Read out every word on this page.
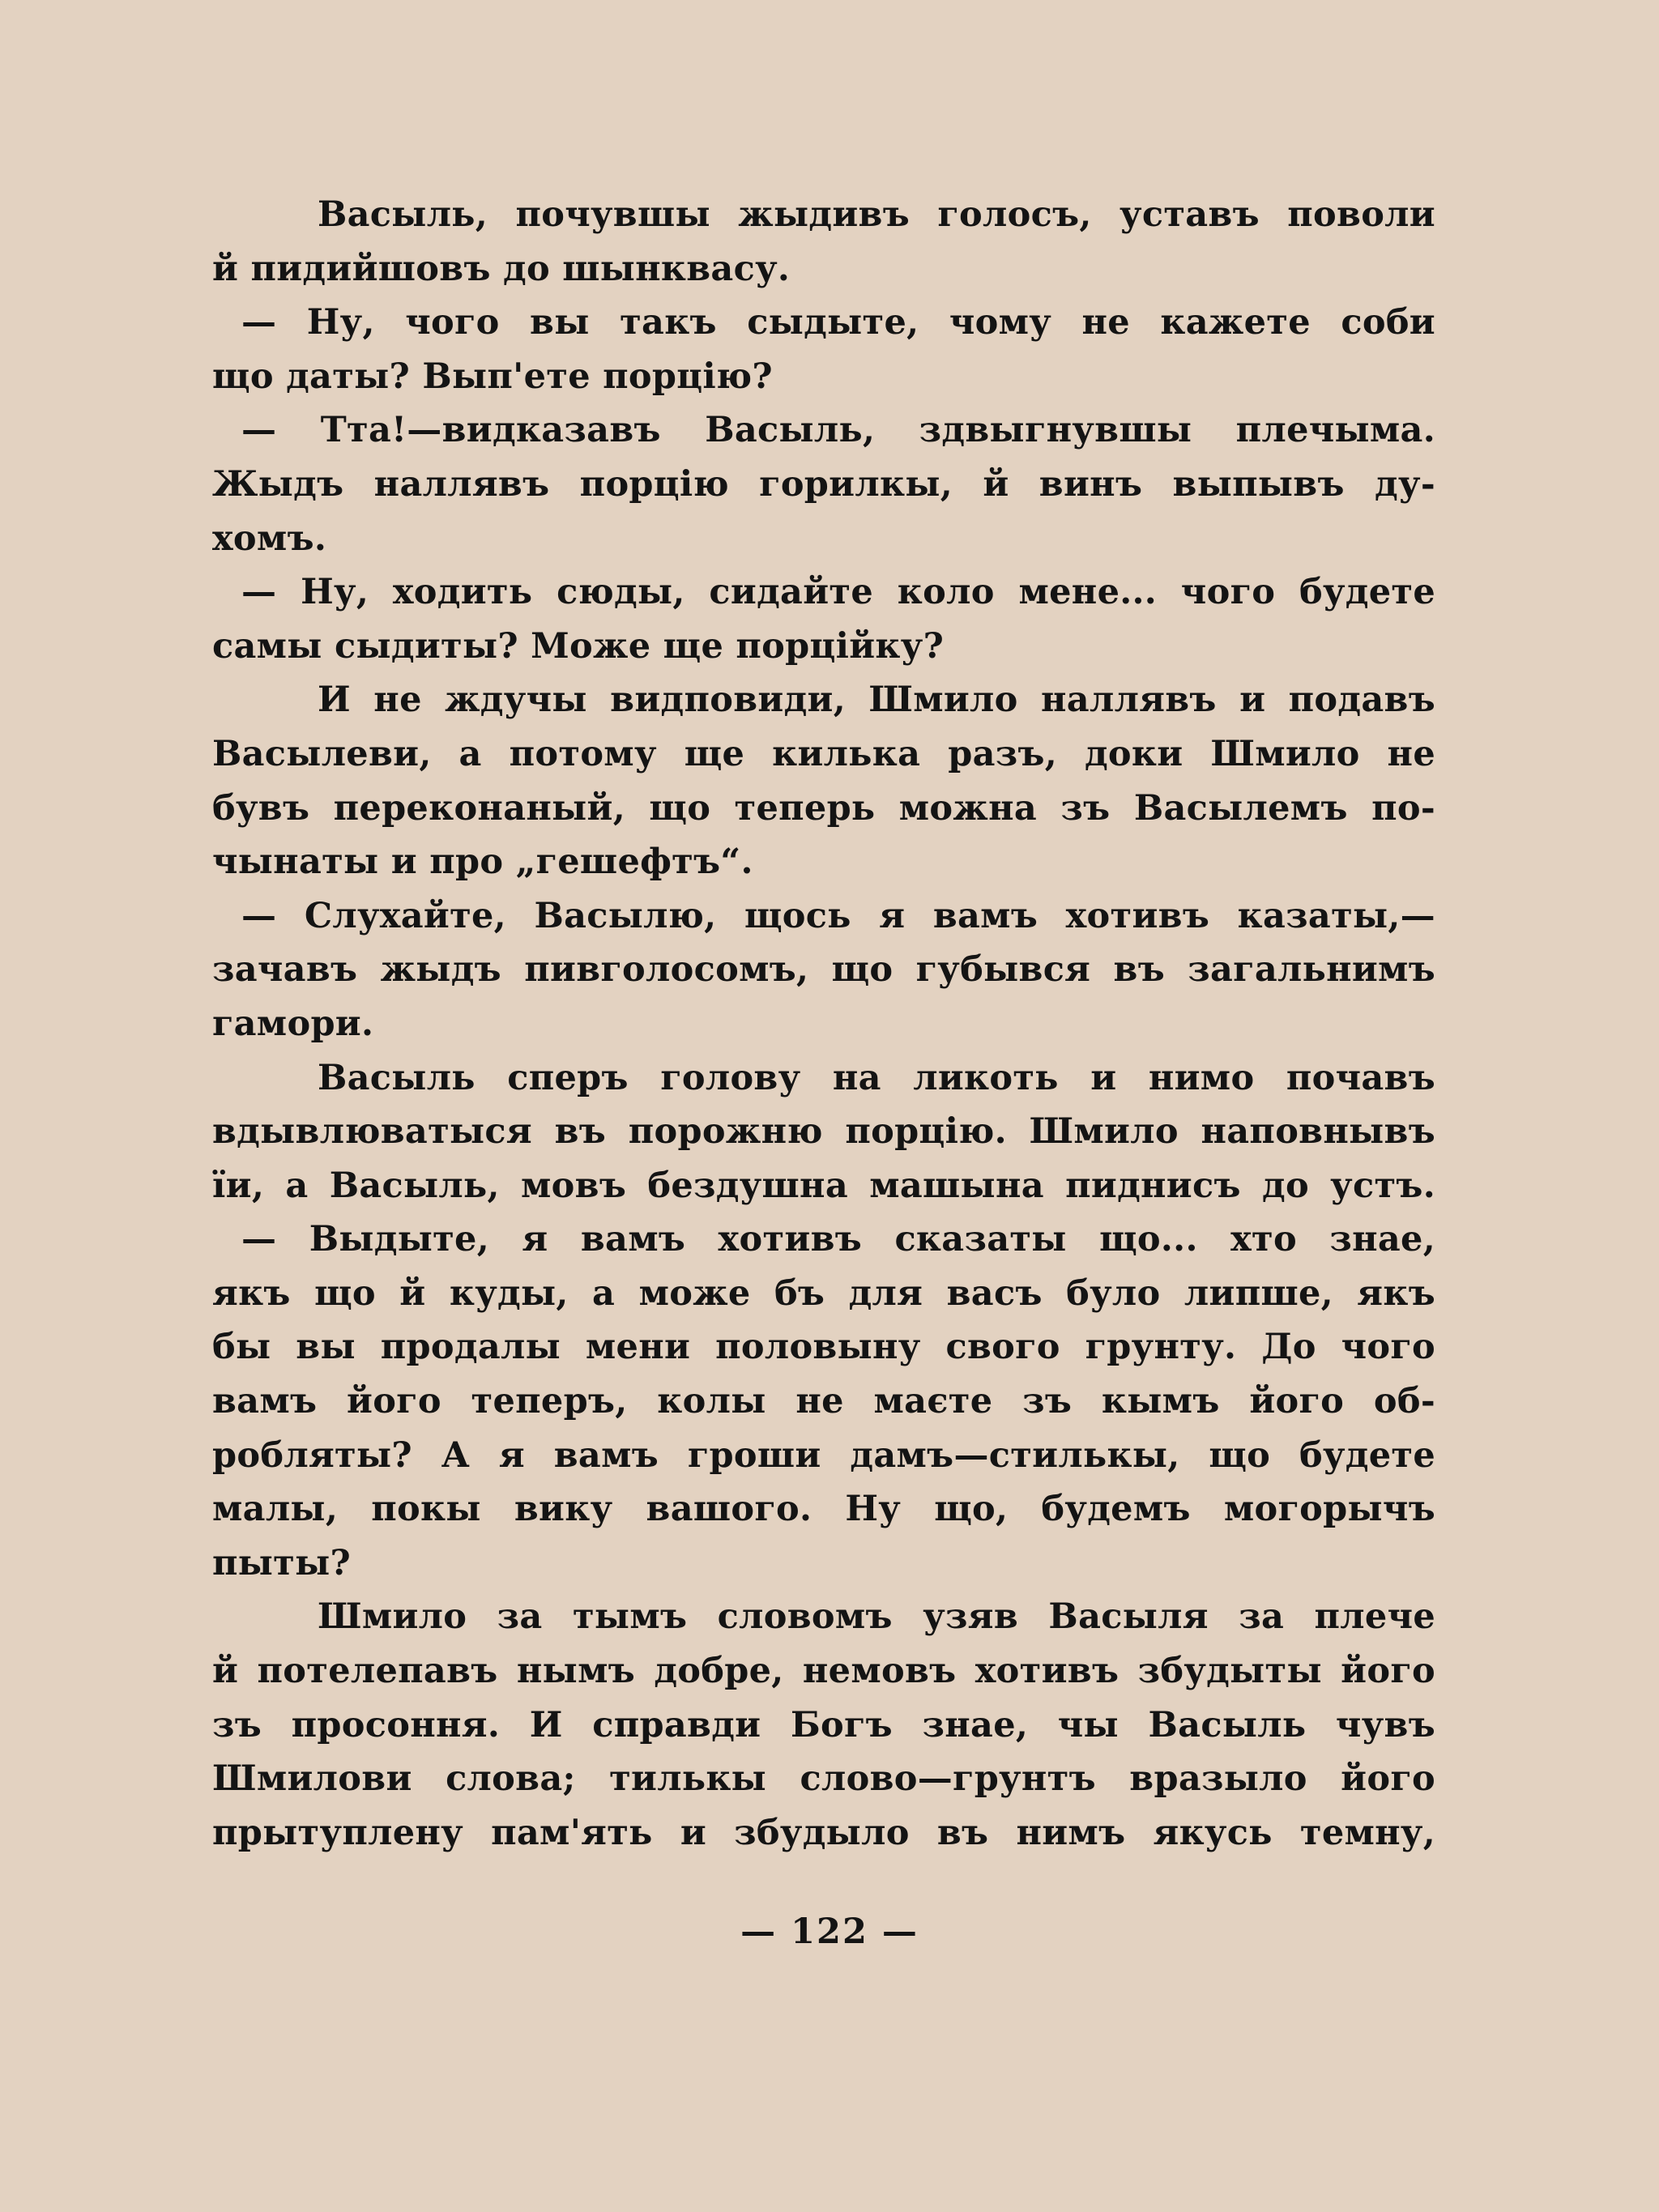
Васыль, почувшы жыдивъ голосъ, уставъ поволи
й пидийшовъ до шынквасу.
— Ну, чого вы такъ сыдыте, чому не кажете соби
що даты? Вып'ете порцію?
— Тта!—видказавъ Васыль, здвыгнувшы плечыма.
Жыдъ наллявъ порцію горилкы, й винъ выпывъ ду-
хомъ.
— Ну, ходить сюды, сидайте коло мене... чого будете
самы сыдиты? Може ще порційку?
И не ждучы видповиди, Шмило наллявъ и подавъ
Васылеви, а потому ще килька разъ, доки Шмило не
бувъ переконаный, що теперь можна зъ Васылемъ по-
чынаты и про „гешефтъ“.
— Слухайте, Васылю, щось я вамъ хотивъ казаты,—
зачавъ жыдъ пивголосомъ, що губывся въ загальнимъ
гамори.
Васыль сперъ голову на ликоть и нимо почавъ
вдывлюватыся въ порожню порцію. Шмило наповнывъ
їи, а Васыль, мовъ бездушна машына пиднисъ до устъ.
— Выдыте, я вамъ хотивъ сказаты що... хто знае,
якъ що й куды, а може бъ для васъ було липше, якъ
бы вы продалы мени половыну свого грунту. До чого
вамъ його теперъ, колы не маєте зъ кымъ його об-
робляты? А я вамъ гроши дамъ—стилькы, що будете
малы, покы вику вашого. Ну що, будемъ могорычъ
пыты?
Шмило за тымъ словомъ узяв Васыля за плече
й потелепавъ нымъ добре, немовъ хотивъ збудыты його
зъ просоння. И справди Богъ знае, чы Васыль чувъ
Шмилови слова; тилькы слово—грунтъ вразыло його
прытуплену пам'ять и збудыло въ нимъ якусь темну,
— 122 —
